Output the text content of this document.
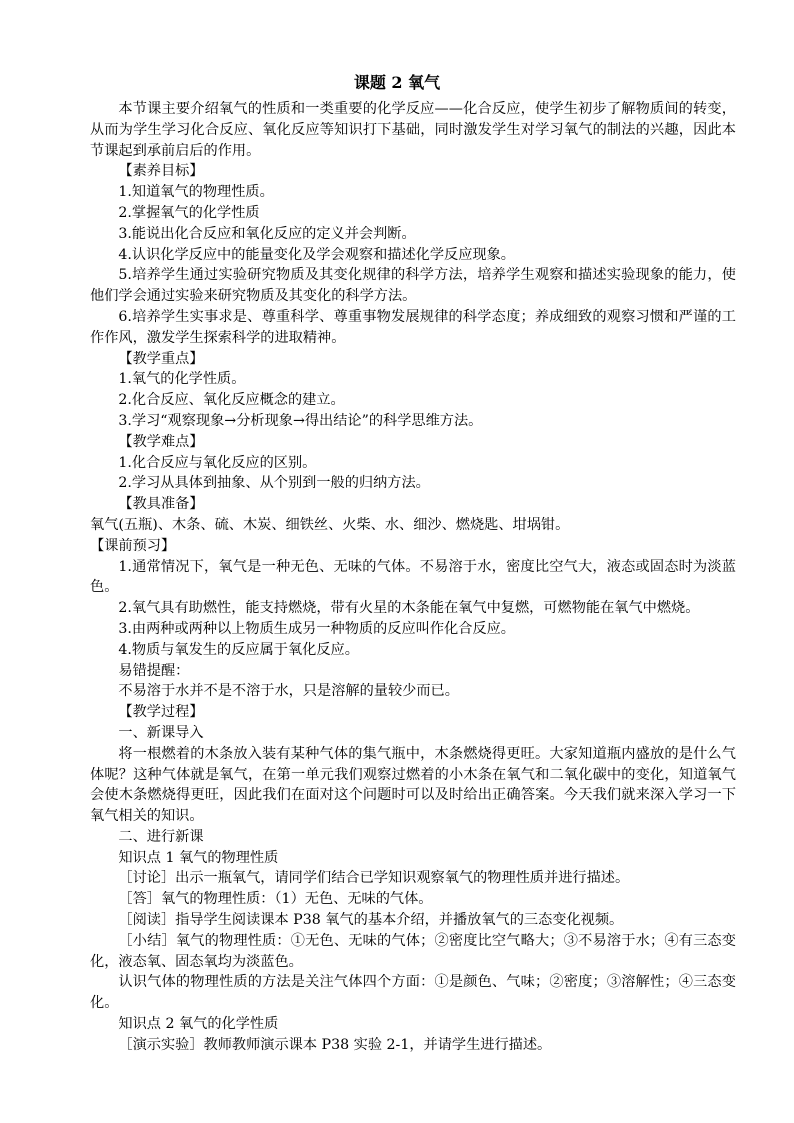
课题 2 氧气

本节课主要介绍氧气的性质和一类重要的化学反应——化合反应，使学生初步了解物质间的转变，从而为学生学习化合反应、氧化反应等知识打下基础，同时激发学生对学习氧气的制法的兴趣，因此本节课起到承前启后的作用。

【素养目标】

1.知道氧气的物理性质。

2.掌握氧气的化学性质

3.能说出化合反应和氧化反应的定义并会判断。

4.认识化学反应中的能量变化及学会观察和描述化学反应现象。

5.培养学生通过实验研究物质及其变化规律的科学方法，培养学生观察和描述实验现象的能力，使他们学会通过实验来研究物质及其变化的科学方法。

6.培养学生实事求是、尊重科学、尊重事物发展规律的科学态度；养成细致的观察习惯和严谨的工作作风，激发学生探索科学的进取精神。

【教学重点】

1.氧气的化学性质。

2.化合反应、氧化反应概念的建立。

3.学习“观察现象→分析现象→得出结论”的科学思维方法。

【教学难点】

1.化合反应与氧化反应的区别。

2.学习从具体到抽象、从个别到一般的归纳方法。

【教具准备】

氧气(五瓶)、木条、硫、木炭、细铁丝、火柴、水、细沙、燃烧匙、坩埚钳。

【课前预习】

1.通常情况下，氧气是一种无色、无味的气体。不易溶于水，密度比空气大，液态或固态时为淡蓝色。

2.氧气具有助燃性，能支持燃烧，带有火星的木条能在氧气中复燃，可燃物能在氧气中燃烧。

3.由两种或两种以上物质生成另一种物质的反应叫作化合反应。

4.物质与氧发生的反应属于氧化反应。

易错提醒：

不易溶于水并不是不溶于水，只是溶解的量较少而已。

【教学过程】

一、新课导入

将一根燃着的木条放入装有某种气体的集气瓶中，木条燃烧得更旺。大家知道瓶内盛放的是什么气体呢？这种气体就是氧气，在第一单元我们观察过燃着的小木条在氧气和二氧化碳中的变化，知道氧气会使木条燃烧得更旺，因此我们在面对这个问题时可以及时给出正确答案。今天我们就来深入学习一下氧气相关的知识。

二、进行新课

知识点 1 氧气的物理性质

［讨论］出示一瓶氧气，请同学们结合已学知识观察氧气的物理性质并进行描述。

［答］氧气的物理性质：（1）无色、无味的气体。

［阅读］指导学生阅读课本 P38 氧气的基本介绍，并播放氧气的三态变化视频。

［小结］氧气的物理性质：①无色、无味的气体；②密度比空气略大；③不易溶于水；④有三态变化，液态氧、固态氧均为淡蓝色。

认识气体的物理性质的方法是关注气体四个方面：①是颜色、气味；②密度；③溶解性；④三态变化。

知识点 2 氧气的化学性质

［演示实验］教师教师演示课本 P38 实验 2-1，并请学生进行描述。
